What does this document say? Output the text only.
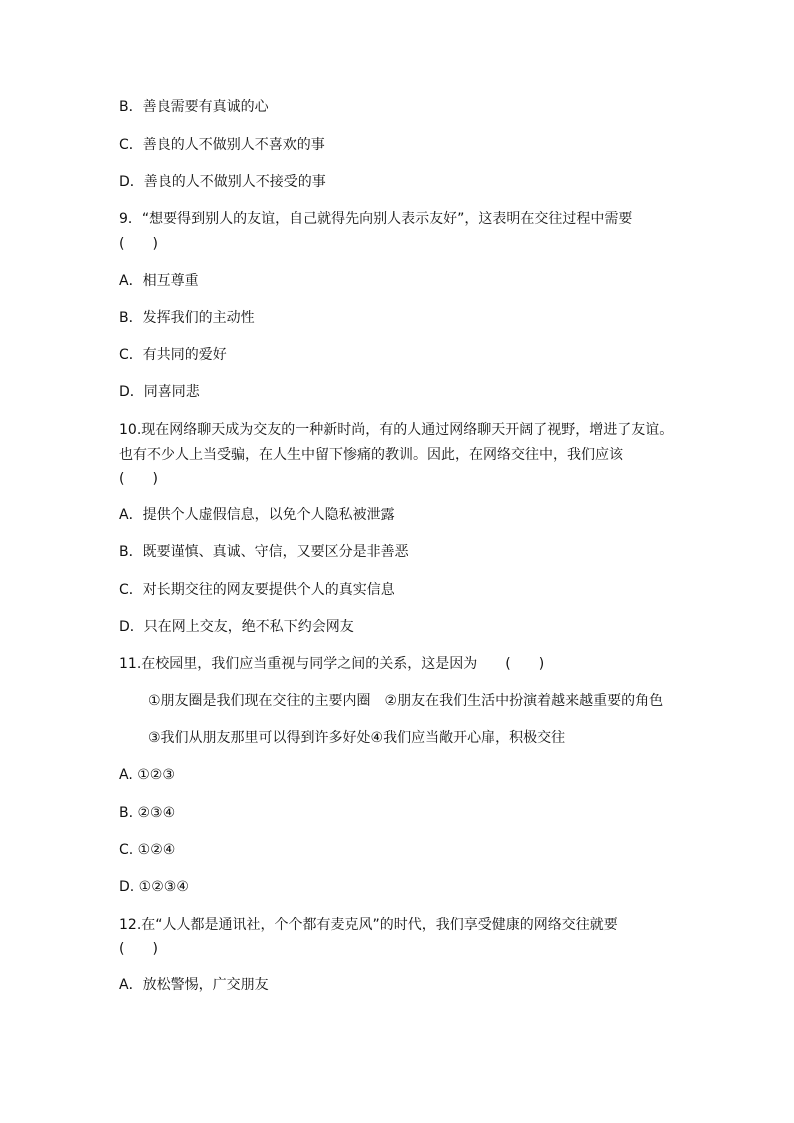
B．善良需要有真诚的心
C．善良的人不做别人不喜欢的事
D．善良的人不做别人不接受的事
9．“想要得到别人的友谊，自己就得先向别人表示友好”，这表明在交往过程中需要
(　　)
A．相互尊重
B．发挥我们的主动性
C．有共同的爱好
D．同喜同悲
10.现在网络聊天成为交友的一种新时尚，有的人通过网络聊天开阔了视野，增进了友谊。
也有不少人上当受骗，在人生中留下惨痛的教训。因此，在网络交往中，我们应该
(　　)
A．提供个人虚假信息，以免个人隐私被泄露
B．既要谨慎、真诚、守信，又要区分是非善恶
C．对长期交往的网友要提供个人的真实信息
D．只在网上交友，绝不私下约会网友
11.在校园里，我们应当重视与同学之间的关系，这是因为　　(　　)
①朋友圈是我们现在交往的主要内圈　②朋友在我们生活中扮演着越来越重要的角色
③我们从朋友那里可以得到许多好处④我们应当敞开心扉，积极交往
A. ①②③
B. ②③④
C. ①②④
D. ①②③④
12.在“人人都是通讯社，个个都有麦克风”的时代，我们享受健康的网络交往就要
(　　)
A．放松警惕，广交朋友
